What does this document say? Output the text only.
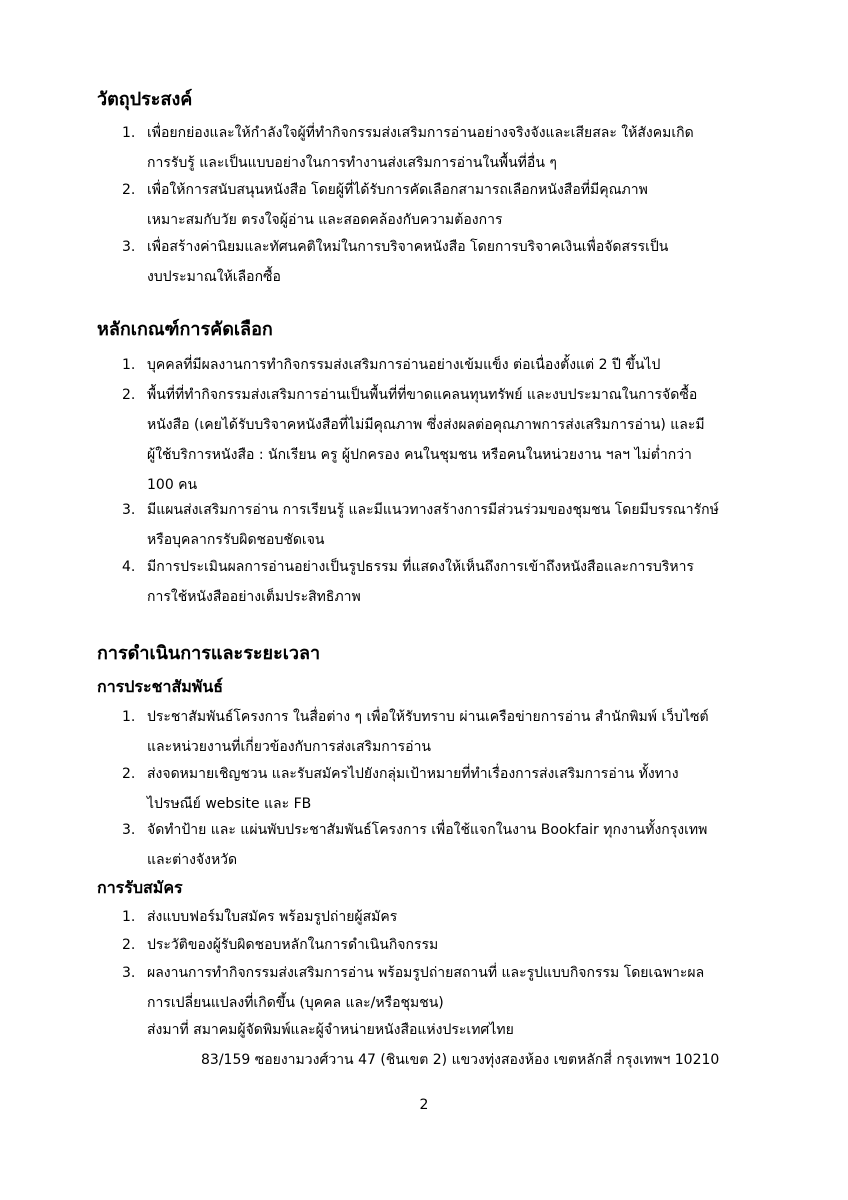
วัตถุประสงค์
1. เพื่อยกย่องและให้กำลังใจผู้ที่ทำกิจกรรมส่งเสริมการอ่านอย่างจริงจังและเสียสละ ให้สังคมเกิด
การรับรู้ และเป็นแบบอย่างในการทำงานส่งเสริมการอ่านในพื้นที่อื่น ๆ
2. เพื่อให้การสนับสนุนหนังสือ โดยผู้ที่ได้รับการคัดเลือกสามารถเลือกหนังสือที่มีคุณภาพ
เหมาะสมกับวัย ตรงใจผู้อ่าน และสอดคล้องกับความต้องการ
3. เพื่อสร้างค่านิยมและทัศนคติใหม่ในการบริจาคหนังสือ โดยการบริจาคเงินเพื่อจัดสรรเป็น
งบประมาณให้เลือกซื้อ
หลักเกณฑ์การคัดเลือก
1. บุคคลที่มีผลงานการทำกิจกรรมส่งเสริมการอ่านอย่างเข้มแข็ง ต่อเนื่องตั้งแต่ 2 ปี ขึ้นไป
2. พื้นที่ที่ทำกิจกรรมส่งเสริมการอ่านเป็นพื้นที่ที่ขาดแคลนทุนทรัพย์ และงบประมาณในการจัดซื้อ
หนังสือ (เคยได้รับบริจาคหนังสือที่ไม่มีคุณภาพ ซึ่งส่งผลต่อคุณภาพการส่งเสริมการอ่าน) และมี
ผู้ใช้บริการหนังสือ : นักเรียน ครู ผู้ปกครอง คนในชุมชน หรือคนในหน่วยงาน ฯลฯ ไม่ต่ำกว่า
100 คน
3. มีแผนส่งเสริมการอ่าน การเรียนรู้ และมีแนวทางสร้างการมีส่วนร่วมของชุมชน โดยมีบรรณารักษ์
หรือบุคลากรรับผิดชอบชัดเจน
4. มีการประเมินผลการอ่านอย่างเป็นรูปธรรม ที่แสดงให้เห็นถึงการเข้าถึงหนังสือและการบริหาร
การใช้หนังสืออย่างเต็มประสิทธิภาพ
การดำเนินการและระยะเวลา
การประชาสัมพันธ์
1. ประชาสัมพันธ์โครงการ ในสื่อต่าง ๆ เพื่อให้รับทราบ ผ่านเครือข่ายการอ่าน สำนักพิมพ์ เว็บไซต์
และหน่วยงานที่เกี่ยวข้องกับการส่งเสริมการอ่าน
2. ส่งจดหมายเชิญชวน และรับสมัครไปยังกลุ่มเป้าหมายที่ทำเรื่องการส่งเสริมการอ่าน ทั้งทาง
ไปรษณีย์ website และ FB
3. จัดทำป้าย และ แผ่นพับประชาสัมพันธ์โครงการ เพื่อใช้แจกในงาน Bookfair ทุกงานทั้งกรุงเทพ
และต่างจังหวัด
การรับสมัคร
1. ส่งแบบฟอร์มใบสมัคร พร้อมรูปถ่ายผู้สมัคร
2. ประวัติของผู้รับผิดชอบหลักในการดำเนินกิจกรรม
3. ผลงานการทำกิจกรรมส่งเสริมการอ่าน พร้อมรูปถ่ายสถานที่ และรูปแบบกิจกรรม โดยเฉพาะผล
การเปลี่ยนแปลงที่เกิดขึ้น (บุคคล และ/หรือชุมชน)
ส่งมาที่ สมาคมผู้จัดพิมพ์และผู้จำหน่ายหนังสือแห่งประเทศไทย
83/159 ซอยงามวงศ์วาน 47 (ชินเขต 2) แขวงทุ่งสองห้อง เขตหลักสี่ กรุงเทพฯ 10210
2
